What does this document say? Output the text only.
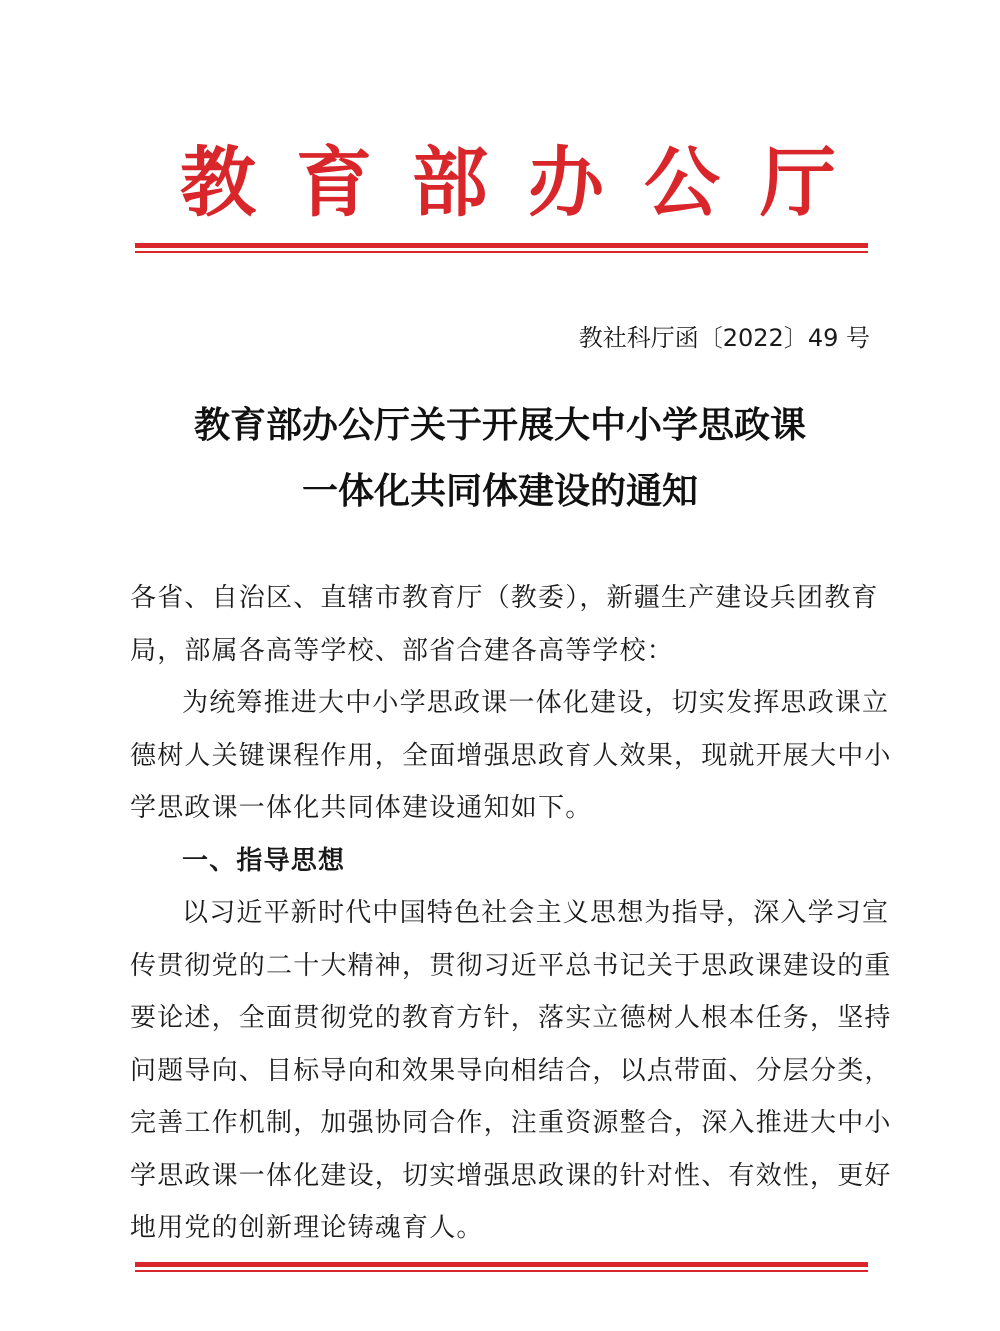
教育部办公厅
教社科厅函〔2022〕49 号
教育部办公厅关于开展大中小学思政课
一体化共同体建设的通知
各省、自治区、直辖市教育厅（教委），新疆生产建设兵团教育
局，部属各高等学校、部省合建各高等学校：
为统筹推进大中小学思政课一体化建设，切实发挥思政课立
德树人关键课程作用，全面增强思政育人效果，现就开展大中小
学思政课一体化共同体建设通知如下。
一、指导思想
以习近平新时代中国特色社会主义思想为指导，深入学习宣
传贯彻党的二十大精神，贯彻习近平总书记关于思政课建设的重
要论述，全面贯彻党的教育方针，落实立德树人根本任务，坚持
问题导向、目标导向和效果导向相结合，以点带面、分层分类，
完善工作机制，加强协同合作，注重资源整合，深入推进大中小
学思政课一体化建设，切实增强思政课的针对性、有效性，更好
地用党的创新理论铸魂育人。
